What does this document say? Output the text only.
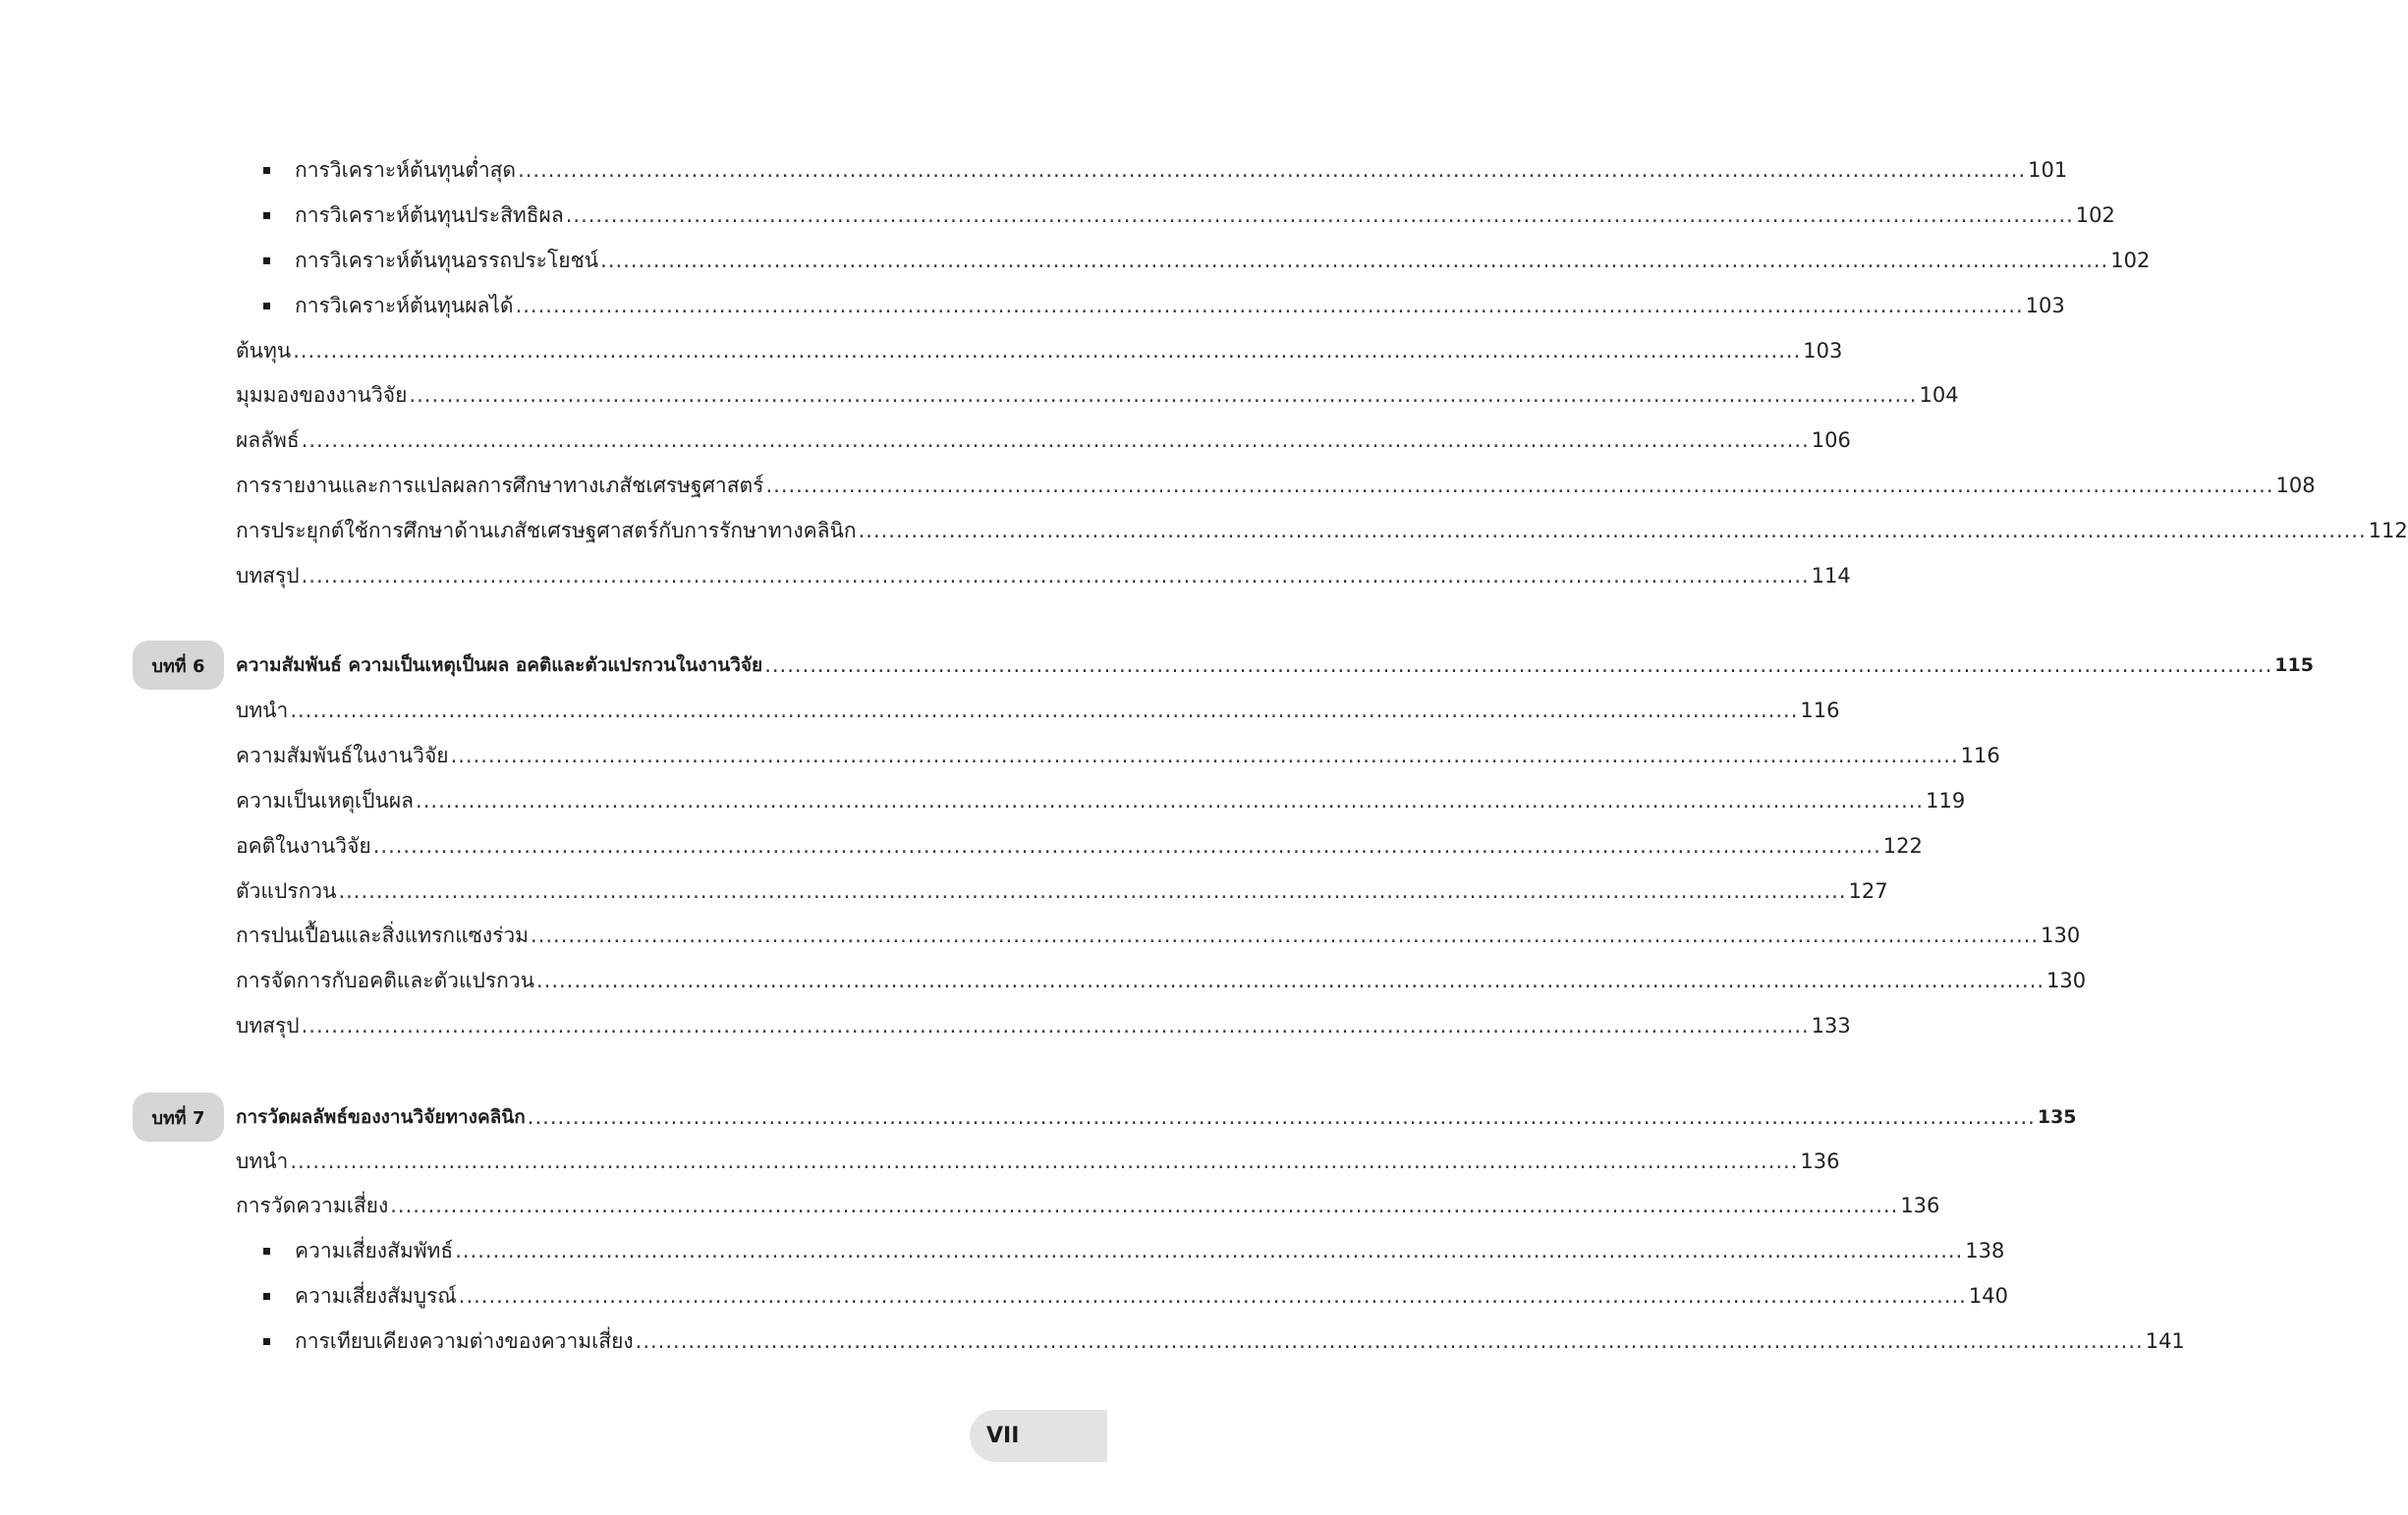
การวิเคราะห์ต้นทุนต่ำสุด ........................................................................................................................................................................................................ 101
การวิเคราะห์ต้นทุนประสิทธิผล ........................................................................................................................................................................................................ 102
การวิเคราะห์ต้นทุนอรรถประโยชน์ ........................................................................................................................................................................................................ 102
การวิเคราะห์ต้นทุนผลได้ ........................................................................................................................................................................................................ 103
ต้นทุน ........................................................................................................................................................................................................ 103
มุมมองของงานวิจัย ........................................................................................................................................................................................................ 104
ผลลัพธ์ ........................................................................................................................................................................................................ 106
การรายงานและการแปลผลการศึกษาทางเภสัชเศรษฐศาสตร์ ........................................................................................................................................................................................................ 108
การประยุกต์ใช้การศึกษาด้านเภสัชเศรษฐศาสตร์กับการรักษาทางคลินิก ........................................................................................................................................................................................................ 112
บทสรุป ........................................................................................................................................................................................................ 114
บทที่ 6	ความสัมพันธ์ ความเป็นเหตุเป็นผล อคติและตัวแปรกวนในงานวิจัย ........................................................................................................................................................................................................ 115
บทนำ ........................................................................................................................................................................................................ 116
ความสัมพันธ์ในงานวิจัย ........................................................................................................................................................................................................ 116
ความเป็นเหตุเป็นผล ........................................................................................................................................................................................................ 119
อคติในงานวิจัย ........................................................................................................................................................................................................ 122
ตัวแปรกวน ........................................................................................................................................................................................................ 127
การปนเปื้อนและสิ่งแทรกแซงร่วม ........................................................................................................................................................................................................ 130
การจัดการกับอคติและตัวแปรกวน ........................................................................................................................................................................................................ 130
บทสรุป ........................................................................................................................................................................................................ 133
บทที่ 7	การวัดผลลัพธ์ของงานวิจัยทางคลินิก ........................................................................................................................................................................................................ 135
บทนำ ........................................................................................................................................................................................................ 136
การวัดความเสี่ยง ........................................................................................................................................................................................................ 136
ความเสี่ยงสัมพัทธ์ ........................................................................................................................................................................................................ 138
ความเสี่ยงสัมบูรณ์ ........................................................................................................................................................................................................ 140
การเทียบเคียงความต่างของความเสี่ยง ........................................................................................................................................................................................................ 141
VII
